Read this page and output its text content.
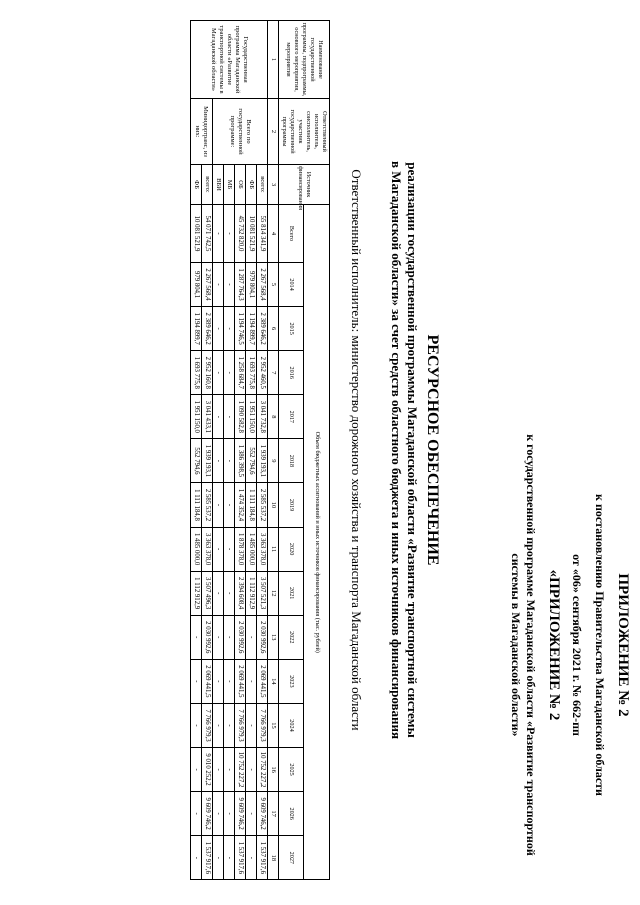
ПРИЛОЖЕНИЕ № 2

к постановлению Правительства Магаданской области

от «06» сентября 2021 г. № 662-пп

«ПРИЛОЖЕНИЕ № 2

к государственной программе Магаданской области «Развитие транспортной системы в Магаданской области»

РЕСУРСНОЕ ОБЕСПЕЧЕНИЕ
реализации государственной программы Магаданской области «Развитие транспортной системы
в Магаданской области» за счет средств областного бюджета и иных источников финансирования
Ответственный исполнитель: министерство дорожного хозяйства и транспорта Магаданской области
Наименование государственной программы, подпрограммы, основного мероприятия, мероприятия	Ответственный исполнитель, соисполнитель, участник государственной программы	Источник финансирования	Объем бюджетных ассигнований и иных источников финансирования (тыс. рублей)														
			Всего	2014	2015	2016	2017	2018	2019	2020	2021	2022	2023	2024	2025	2026	2027
1	2	3	4	5	6	7	8	9	10	11	12	13	14	15	16	17	18
Государственная программа Магаданской области «Развитие транспортной системы в Магаданской области»	Всего по государственной программе:	всего:	55 814 341,9	2 267 568,4	2 389 646,2	2 952 460,5	3 041 732,8	1 939 193,1	2 585 537,2	3 363 378,0	3 507 521,3	2 030 992,6	2 069 441,5	7 766 979,3	10 752 227,2	9 609 746,2	1 537 917,6
		ФБ	10 081 521,9	979 804,1	1 194 899,7	1 693 775,8	1 951 150,0	552 794,6	1 111 184,8	1 485 000,0	1 112 912,9	-	-	-	-	-	-
		ОБ	45 732 820,0	1 287 764,3	1 194 746,5	1 258 684,7	1 090 582,8	1 386 398,5	1 474 352,4	1 878 378,0	2 394 608,4	2 030 992,6	2 069 441,5	7 766 979,3	10 752 227,2	9 609 746,2	1 537 917,6
		МБ	-	-	-	-	-	-	-	-	-	-	-	-	-	-	-
		ВБИ	-	-	-	-	-	-	-	-	-	-	-	-	-	-	-
	Минидортранс, из них:	всего:	54 071 742,5	2 267 568,4	2 389 646,2	2 952 160,8	3 041 433,1	1 939 193,1	2 585 537,2	3 363 378,0	3 507 496,3	2 030 992,6	2 069 441,5	7 766 979,3	9 010 252,2	9 609 746,2	1 537 917,6
		ФБ	10 081 521,9	979 804,1	1 194 899,7	1 693 775,8	1 951 150,0	552 794,6	1 111 184,8	1 485 000,0	1 112 912,9	-	-	-	-	-	-
